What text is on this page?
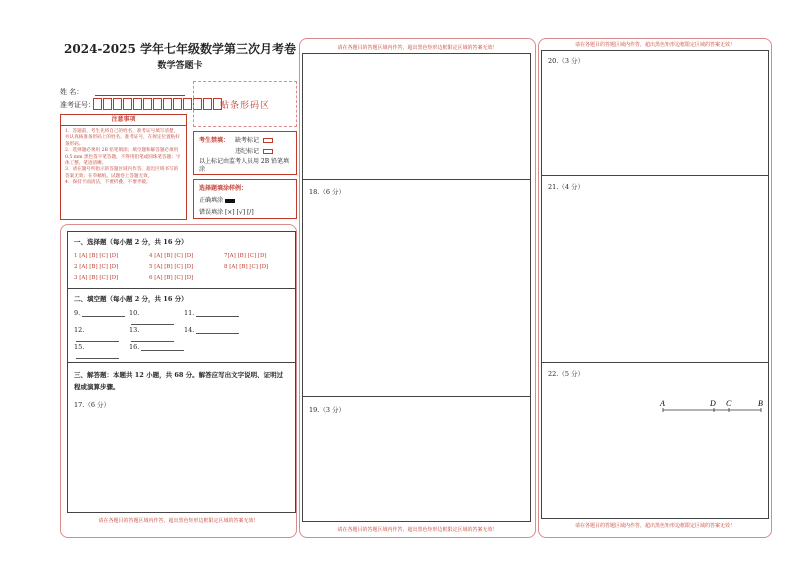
2024-2025 学年七年级数学第三次月考卷
数学答题卡
姓 名：
准考证号：	贴条形码区
注意事项
1．答题前，考生先将自己的姓名，准考证号填写清楚，并认真核准条形码上的姓名、准考证号，在规定位置贴好条形码。
2．选择题必须用 2B 铅笔填涂；填空题和解答题必须用 0.5 mm 黑色签字笔答题，不得用铅笔或圆珠笔答题；字体工整、笔迹清晰。
3．请在题号所指示的答题区域内作答，超出区域书写的答案无效；在草稿纸、试题卷上答题无效。
4．保持卡面清洁，不要折叠、不要弄破。
考生禁填： 缺考标记
违纪标记
以上标记由监考人员用 2B 铅笔填涂
选择题填涂样例：
正确填涂
错误填涂 [×] [√] [/]
一、选择题（每小题 2 分，共 16 分）
1 [A] [B] [C] [D]	4 [A] [B] [C] [D]	7[A] [B] [C] [D]
2 [A] [B] [C] [D]	5 [A] [B] [C] [D]	8 [A] [B] [C] [D]
3 [A] [B] [C] [D]	6 [A] [B] [C] [D]
二、填空题（每小题 2 分，共 16 分）
9.	10.	11.
12.	13.	14.
15.	16.
三、解答题：本题共 12 小题，共 68 分。解答应写出文字说明、证明过
程或演算步骤。
17.（6 分）
请在各题目的答题区域内作答，超出黑色矩形边框限定区域的答案无效！
请在各题目的答题区域内作答，超出黑色矩形边框限定区域的答案无效！
18.（6 分）
19.（3 分）
请在各题目的答题区域内作答，超出黑色矩形边框限定区域的答案无效！
请在各题目的答题区域内作答，超出黑色矩形边框限定区域的答案无效！
20.（3 分）
21.（4 分）
22.（5 分）
A	D C	B
请在各题目的答题区域内作答，超出黑色矩形边框限定区域的答案无效！
